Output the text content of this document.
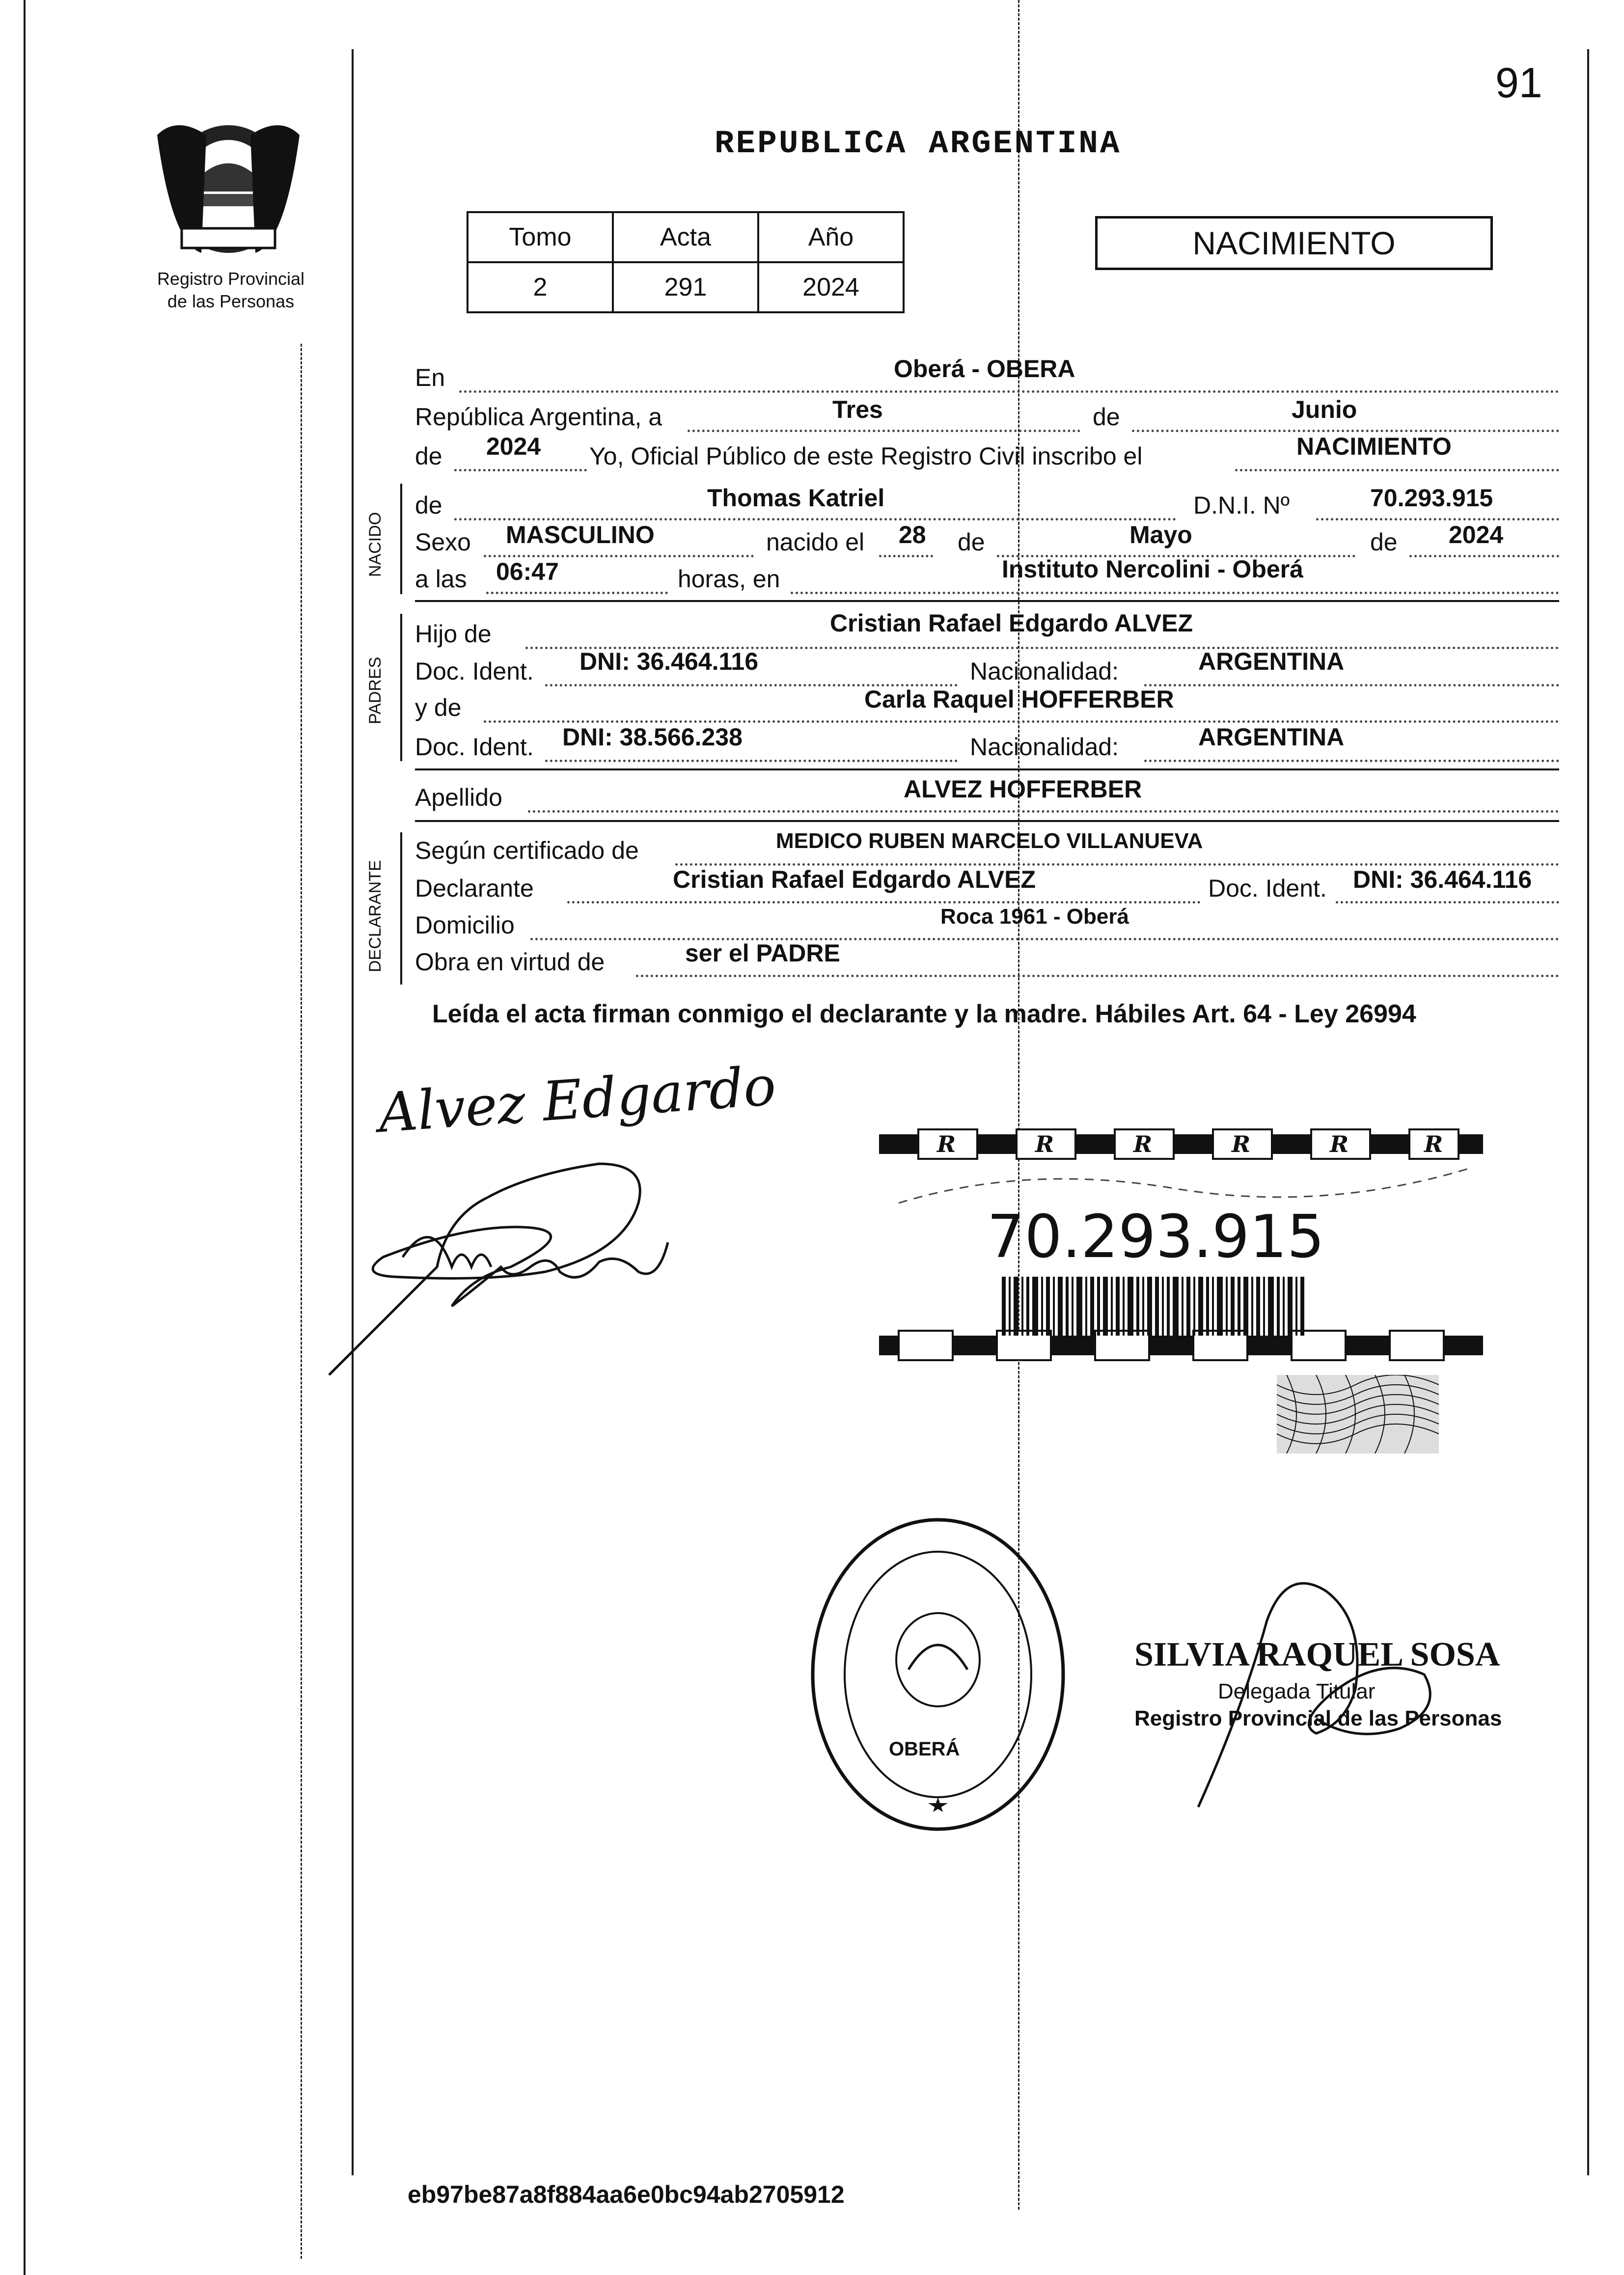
Registro Provincial
de las Personas
91
REPUBLICA ARGENTINA
Tomo	Acta	Año
2	291	2024
NACIMIENTO
En	Oberá - OBERA
República Argentina, a	Tres	de	Junio
de 2024 Yo, Oficial Público de este Registro Civil inscribo el	NACIMIENTO
NACIDO
de	Thomas Katriel	D.N.I. Nº	70.293.915
Sexo MASCULINO	nacido el 28 de	Mayo	de 2024
a las 06:47	horas, en	Instituto Nercolini - Oberá
PADRES
Hijo de	Cristian Rafael Edgardo ALVEZ
Doc. Ident. DNI: 36.464.116	Nacionalidad:	ARGENTINA
y de	Carla Raquel HOFFERBER
Doc. Ident. DNI: 38.566.238	Nacionalidad:	ARGENTINA
Apellido	ALVEZ HOFFERBER
DECLARANTE
Según certificado de	MEDICO RUBEN MARCELO VILLANUEVA
Declarante	Cristian Rafael Edgardo ALVEZ	Doc. Ident. DNI: 36.464.116
Domicilio	Roca 1961 - Oberá
Obra en virtud de	ser el PADRE
Leída el acta firman conmigo el declarante y la madre. Hábiles Art. 64 - Ley 26994
Alvez Edgardo	R	R	R	R	R	R
70.293.915
OBERÁ
SILVIA RAQUEL SOSA
Delegada Titular
Registro Provincial de las Personas
eb97be87a8f884aa6e0bc94ab2705912
